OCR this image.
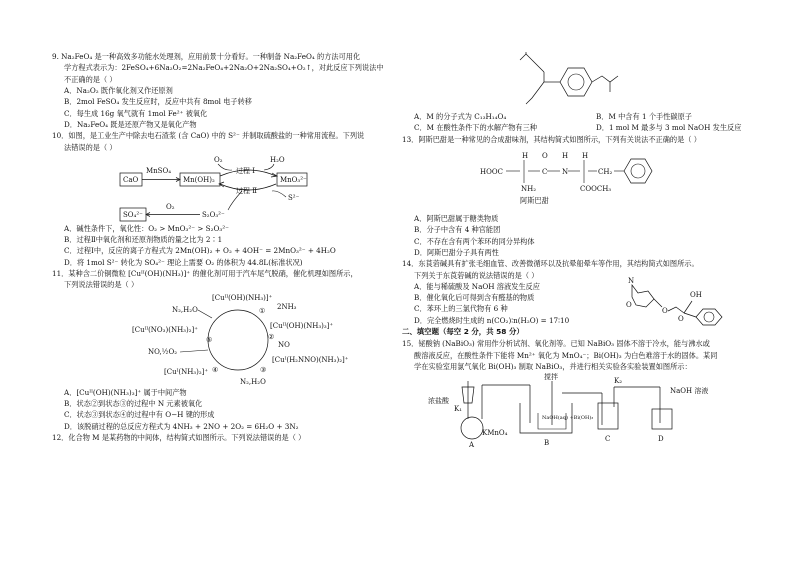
9. Na₂FeO₄ 是一种高效多功能水处理剂，应用前景十分看好。一种制备 Na₂FeO₄ 的方法可用化
学方程式表示为：2FeSO₄+6Na₂O₂=2Na₂FeO₄+2Na₂O+2Na₂SO₄+O₂↑，对此反应下列说法中
不正确的是（ ）
A．Na₂O₂ 既作氧化剂又作还原剂
B．2mol FeSO₄ 发生反应时，反应中共有 8mol 电子转移
C．每生成 16g 氧气就有 1mol Fe²⁺ 被氧化
D．Na₂FeO₄ 既是还原产物又是氧化产物
10．如图，是工业生产中除去电石渣浆 (含 CaO) 中的 S²⁻ 并制取硫酸盐的一种常用流程。下列说
法错误的是（ ）
CaO	Mn(OH)₂	MnO₃²⁻
SO₄²⁻
MnSO₄
O₂	H₂O
过程 Ⅰ
过程 Ⅱ
S²⁻
S₂O₃²⁻
O₂
A．碱性条件下，氧化性：O₂ > MnO₃²⁻ > S₂O₃²⁻
B．过程Ⅱ中氧化剂和还原剂物质的量之比为 2∶1
C．过程Ⅰ中，反应的离子方程式为 2Mn(OH)₂ + O₂ + 4OH⁻ = 2MnO₃²⁻ + 4H₂O
D．将 1mol S²⁻ 转化为 SO₄²⁻ 理论上需要 O₂ 的体积为 44.8L(标准状况)
11．某种含二价铜微粒 [Cuᴵᴵ(OH)(NH₃)]⁺ 的催化剂可用于汽车尾气脱硝，催化机理如图所示，
下列说法错误的是（ ）
[Cuᴵᴵ(OH)(NH₃)]⁺
① 2NH₃
[Cuᴵᴵ(OH)(NH₃)₃]⁺
②
NO
[Cuᴵ(H₂NNO)(NH₃)₂]⁺
③
N₂,H₂O
[Cuᴵ(NH₃)₂]⁺ ④
[Cuᴵᴵ(NO₃)(NH₃)₂]⁺
⑤
NO,½O₂
N₂,H₂O
A．[Cuᴵᴵ(OH)(NH₃)₃]⁺ 属于中间产物
B．状态②到状态③的过程中 N 元素被氧化
C．状态③到状态④的过程中有 O−H 键的形成
D．该脱硝过程的总反应方程式为 4NH₃ + 2NO + 2O₂ = 6H₂O + 3N₂
12．化合物 M 是某药物的中间体，结构简式如图所示。下列说法错误的是（ ）
A．M 的分子式为 C₁₃H₁₄O₄	B．M 中含有 1 个手性碳原子
C．M 在酸性条件下的水解产物有三种	D．1 mol M 最多与 3 mol NaOH 发生反应
13．阿斯巴甜是一种常见的合成甜味剂，其结构简式如图所示，下列有关说法不正确的是（ ）
HOOC
H
NH₂
O
C
H
N
H
COOCH₃
CH₂
阿斯巴甜
A．阿斯巴甜属于糖类物质
B．分子中含有 4 种官能团
C．不存在含有两个苯环的同分异构体
D．阿斯巴甜分子具有两性
14．东莨菪碱具有扩张毛细血管、改善微循环以及抗晕船晕车等作用，其结构简式如图所示。
下列关于东莨菪碱的说法错误的是（ ）
A．能与稀硫酸及 NaOH 溶液发生反应
B．催化氧化后可得到含有醛基的物质
C．苯环上的三氯代物有 6 种
D．完全燃烧时生成的 n(CO₂)∶n(H₂O) = 17∶10
N
O
O
O
OH
二、填空题（每空 2 分，共 58 分）
15．铋酸钠 (NaBiO₃) 常用作分析试剂、氧化剂等。已知 NaBiO₃ 固体不溶于冷水，能与沸水或
酸溶液反应，在酸性条件下能将 Mn²⁺ 氧化为 MnO₄⁻；Bi(OH)₃ 为白色难溶于水的固体。某同
学在实验室用氯气氧化 Bi(OH)₃ 制取 NaBiO₃，并进行相关实验各实验装置如图所示：
浓盐酸
K₁
KMnO₄
A
搅拌
NaOH(aq) +Bi(OH)₃
B
K₂
C
NaOH 溶液
D
